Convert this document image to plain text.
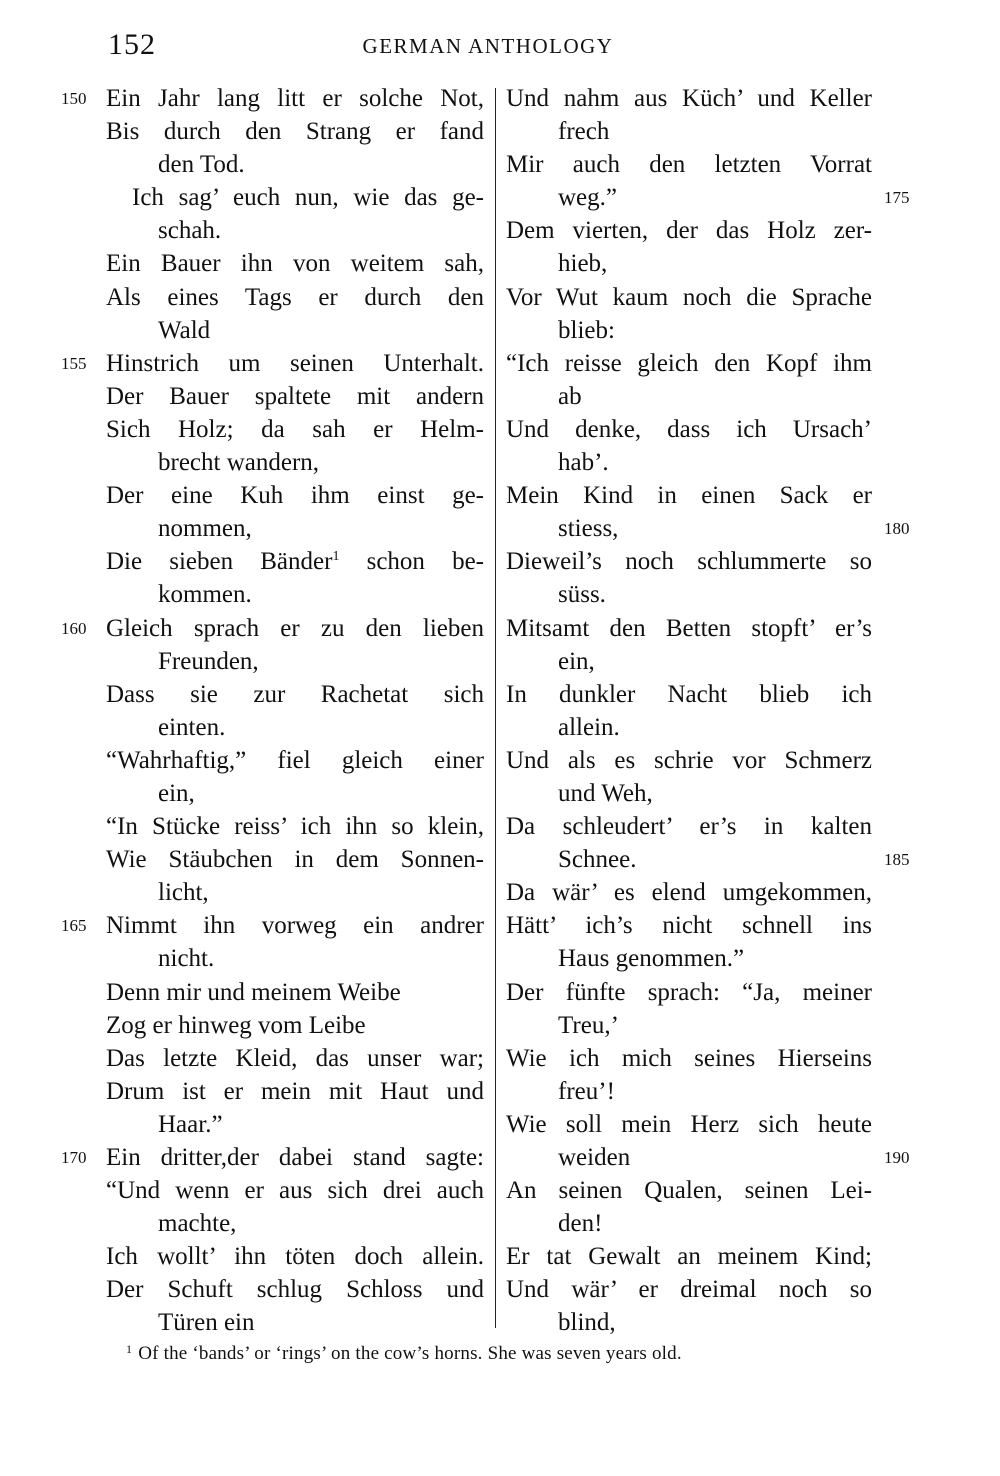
152	GERMAN ANTHOLOGY
150 Ein Jahr lang litt er solche Not,
Bis durch den Strang er fand
den Tod.
Ich sag’ euch nun, wie das ge-
schah.
Ein Bauer ihn von weitem sah,
Als eines Tags er durch den
Wald
155 Hinstrich um seinen Unterhalt.
Der Bauer spaltete mit andern
Sich Holz; da sah er Helm-
brecht wandern,
Der eine Kuh ihm einst ge-
nommen,
Die sieben Bänder$^1$ schon be-
kommen.
160 Gleich sprach er zu den lieben
Freunden,
Dass sie zur Rachetat sich
einten.
“Wahrhaftig,” fiel gleich einer
ein,
“In Stücke reiss’ ich ihn so klein,
Wie Stäubchen in dem Sonnen-
licht,
165 Nimmt ihn vorweg ein andrer
nicht.
Denn mir und meinem Weibe
Zog er hinweg vom Leibe
Das letzte Kleid, das unser war;
Drum ist er mein mit Haut und
Haar.”
170 Ein dritter,der dabei stand sagte:
“Und wenn er aus sich drei auch
machte,
Ich wollt’ ihn töten doch allein.
Der Schuft schlug Schloss und
Türen ein
Und nahm aus Küch’ und Keller
frech
Mir auch den letzten Vorrat
175
weg.”
Dem vierten, der das Holz zer-
hieb,
Vor Wut kaum noch die Sprache
blieb:
“Ich reisse gleich den Kopf ihm
ab
Und denke, dass ich Ursach’
hab’.
Mein Kind in einen Sack er
180
stiess,
Dieweil’s noch schlummerte so
süss.
Mitsamt den Betten stopft’ er’s
ein,
In dunkler Nacht blieb ich
allein.
Und als es schrie vor Schmerz
und Weh,
Da schleudert’ er’s in kalten
185
Schnee.
Da wär’ es elend umgekommen,
Hätt’ ich’s nicht schnell ins
Haus genommen.”
Der fünfte sprach: “Ja, meiner
Treu,’
Wie ich mich seines Hierseins
freu’!
Wie soll mein Herz sich heute
190
weiden
An seinen Qualen, seinen Lei-
den!
Er tat Gewalt an meinem Kind;
Und wär’ er dreimal noch so
blind,
$^1$ Of the ‘bands’ or ‘rings’ on the cow’s horns. She was seven years old.
